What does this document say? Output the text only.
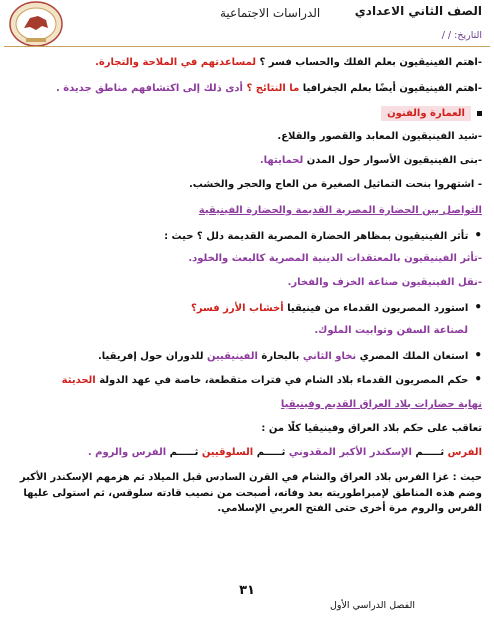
الصف الثاني الاعدادي
الدراسات الاجتماعية
التاريخ: / /
-اهتم الفينيقيون بعلم الفلك والحساب فسر ؟ لمساعدتهم في الملاحة والتجارة.
-اهتم الفينيقيون أيضًا بعلم الجغرافيا ما النتائج ؟ أدى ذلك إلى اكتشافهم مناطق جديدة .
العمارة والفنون
-شيد الفينيقيون المعابد والقصور والقلاع.
-بنى الفينيقيون الأسوار حول المدن لحمايتها.
- اشتهروا بنحت التماثيل الصغيرة من العاج والحجر والخشب.
التواصل بين الحضارة المصرية القديمة والحضارة الفينيقية
•تأثر الفينيقيون بمظاهر الحضارة المصرية القديمة دلل ؟ حيث :
-تأثر الفينيقيون بالمعتقدات الدينية المصرية كالبعث والخلود.
-نقل الفينيقيون صناعة الخزف والفخار.
•استورد المصريون القدماء من فينيقيا أخشاب الأرز فسر؟
لصناعة السفن وتوابيت الملوك.
•استعان الملك المصري نخاو الثاني بالبحارة الفينيقيين للدوران حول إفريقيا.
•حكم المصريون القدماء بلاد الشام في فترات متقطعة، خاصة في عهد الدولة الحديثة
نهاية حضارات بلاد العراق القديم وفينيقيا
تعاقب على حكم بلاد العراق وفينيقيا كلًا من :
الفرس ثـــــم الإسكندر الأكبر المقدوني ثـــــم السلوقيين ثـــــم الفرس والروم .
حيث : غزا الفرس بلاد العراق والشام في القرن السادس قبل الميلاد ثم هزمهم الإسكندر الأكبر وضم هذه المناطق لإمبراطوريته بعد وفاته، أصبحت من نصيب قادته سلوقس، ثم استولى عليها الفرس والروم مرة أخرى حتى الفتح العربي الإسلامي.
٣١
الفصل الدراسي الأول
